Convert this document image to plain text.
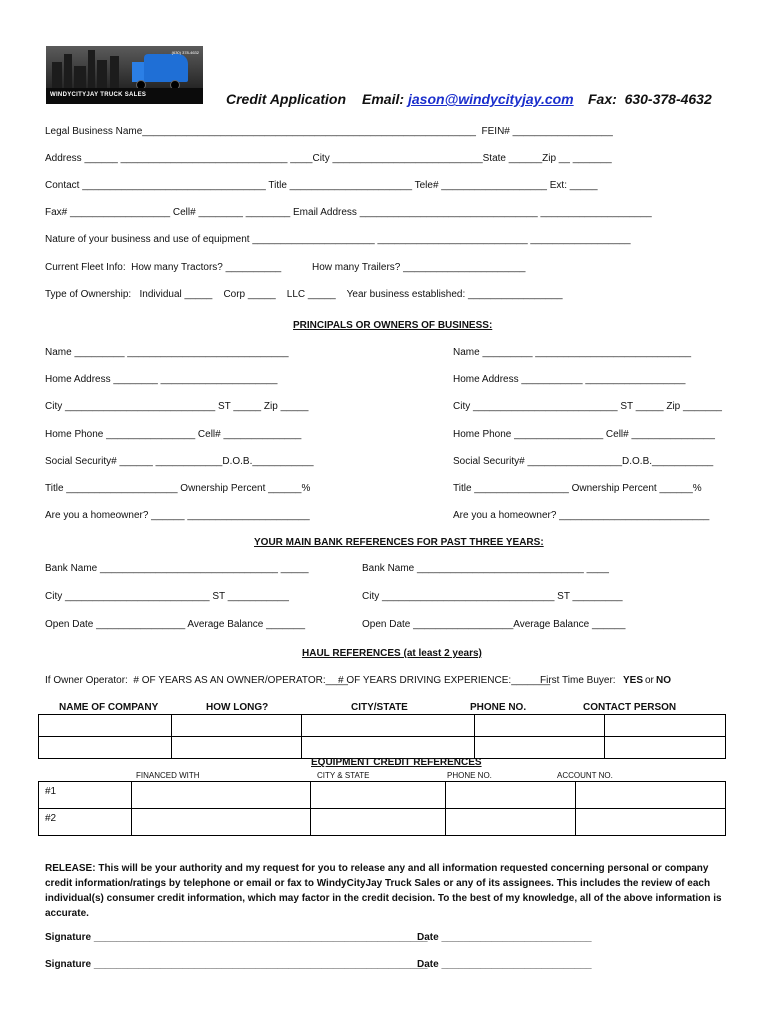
WINDYCITYJAY TRUCK SALES
(630) 378-4632
Credit Application Email: jason@windycityjay.com Fax:  630-378-4632
Legal Business Name____________________________________________________________  FEIN# __________________
Address ______ ______________________________ ____City ___________________________State ______Zip __ _______
Contact _________________________________ Title ______________________ Tele# ___________________ Ext: _____
Fax# __________________ Cell# ________ ________ Email Address ________________________________ ____________________
Nature of your business and use of equipment ______________________ ___________________________ __________________
Current Fleet Info:  How many Tractors? __________	How many Trailers? ______________________
Type of Ownership:   Individual _____    Corp _____    LLC _____    Year business established: _________________
PRINCIPALS OR OWNERS OF BUSINESS:
Name _________ _____________________________
Home Address ________ _____________________
City ___________________________ ST _____ Zip _____
Home Phone ________________ Cell# ______________
Social Security# ______ ____________D.O.B.___________
Title ____________________ Ownership Percent ______%
Are you a homeowner? ______ ______________________
Name _________ ____________________________
Home Address ___________ __________________
City __________________________ ST _____ Zip _______
Home Phone ________________ Cell# _______________
Social Security# _________________D.O.B.___________
Title _________________ Ownership Percent ______%
Are you a homeowner? ___________________________
YOUR MAIN BANK REFERENCES FOR PAST THREE YEARS:
Bank Name ________________________________ _____
City __________________________ ST ___________
Open Date ________________ Average Balance _______
Bank Name ______________________________ ____
City _______________________________ ST _________
Open Date __________________Average Balance ______
HAUL REFERENCES (at least 2 years)
If Owner Operator:  # OF YEARS AS AN OWNER/OPERATOR:____
# OF YEARS DRIVING EXPERIENCE:_______
First Time Buyer: YES or NO

NAME OF COMPANY	HOW LONG?	CITY/STATE	PHONE NO.	CONTACT PERSON
EQUIPMENT CREDIT REFERENCES
FINANCED WITH	CITY & STATE	PHONE NO.	ACCOUNT NO.
#1				
#2				
RELEASE: This will be your authority and my request for you to release any and all information requested concerning personal or company credit information/ratings by telephone or email or fax to WindyCityJay Truck Sales or any of its assignees. This includes the review of each individual(s) consumer credit information, which may factor in the credit decision. To the best of my knowledge, all of the above information is accurate.
Signature ____________________________________________________________
Date ___________________________
Signature ____________________________________________________________
Date ___________________________
